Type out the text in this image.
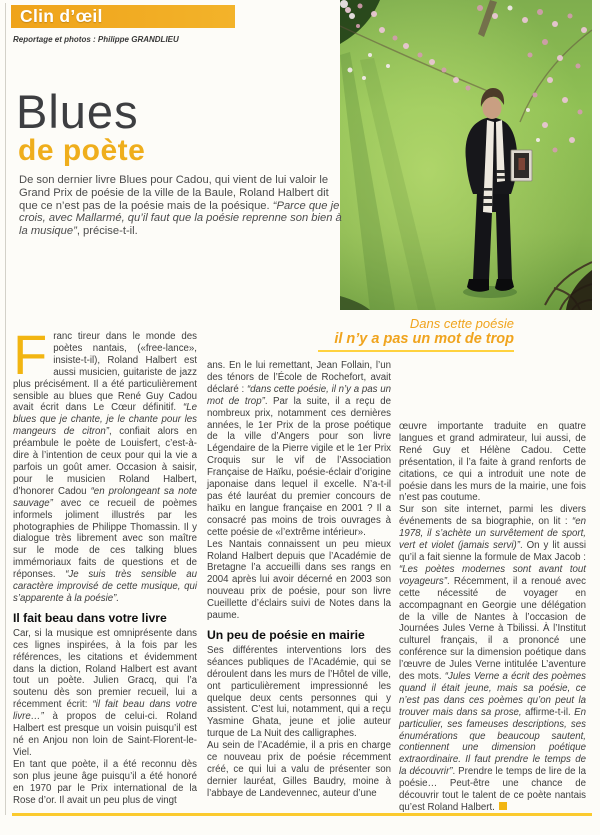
Clin d’œil
Reportage et photos : Philippe GRANDLIEU
Blues
de poète
De son dernier livre Blues pour Cadou, qui vient de lui valoir le Grand Prix de poésie de la ville de la Baule, Roland Halbert dit que ce n’est pas de la poésie mais de la poésique. “Parce que je crois, avec Mallarmé, qu’il faut que la poésie reprenne son bien à la musique”, précise-t-il.
Dans cette poésie
il n’y a pas un mot de trop
Franc tireur dans le monde des poètes nantais, («free-lance», insiste-t-il), Roland Halbert est aussi musicien, guitariste de jazz plus précisément. Il a été particulièrement sensible au blues que René Guy Cadou avait écrit dans Le Cœur définitif. “Le blues que je chante, je le chante pour les mangeurs de citron”, confiait alors en préambule le poète de Louisfert, c’est-à-dire à l’intention de ceux pour qui la vie a parfois un goût amer. Occasion à saisir, pour le musicien Roland Halbert, d’honorer Cadou “en prolongeant sa note sauvage” avec ce recueil de poèmes informels joliment illustrés par les photographies de Philippe Thomassin. Il y dialogue très librement avec son maître sur le mode de ces talking blues immémoriaux faits de questions et de réponses. “Je suis très sensible au caractère improvisé de cette musique, qui s’apparente à la poésie”.
Il fait beau dans votre livre
Car, si la musique est omniprésente dans ces lignes inspirées, à la fois par les références, les citations et évidemment dans la diction, Roland Halbert est avant tout un poète. Julien Gracq, qui l’a soutenu dès son premier recueil, lui a récemment écrit: “il fait beau dans votre livre…” à propos de celui-ci. Roland Halbert est presque un voisin puisqu’il est né en Anjou non loin de Saint-Florent-le-Viel.
En tant que poète, il a été reconnu dès son plus jeune âge puisqu’il a été honoré en 1970 par le Prix international de la Rose d’or. Il avait un peu plus de vingt
ans. En le lui remettant, Jean Follain, l’un des ténors de l’École de Rochefort, avait déclaré : “dans cette poésie, il n’y a pas un mot de trop”. Par la suite, il a reçu de nombreux prix, notamment ces dernières années, le 1er Prix de la prose poétique de la ville d’Angers pour son livre Légendaire de la Pierre vigile et le 1er Prix Croquis sur le vif de l’Association Française de Haïku, poésie-éclair d’origine japonaise dans lequel il excelle. N’a-t-il pas été lauréat du premier concours de haïku en langue française en 2001 ? Il a consacré pas moins de trois ouvrages à cette poésie de «l’extrême intérieur».
Les Nantais connaissent un peu mieux Roland Halbert depuis que l’Académie de Bretagne l’a accueilli dans ses rangs en 2004 après lui avoir décerné en 2003 son nouveau prix de poésie, pour son livre Cueillette d’éclairs suivi de Notes dans la paume.
Un peu de poésie en mairie
Ses différentes interventions lors des séances publiques de l’Académie, qui se déroulent dans les murs de l’Hôtel de ville, ont particulièrement impressionné les quelque deux cents personnes qui y assistent. C’est lui, notamment, qui a reçu Yasmine Ghata, jeune et jolie auteur turque de La Nuit des calligraphes.
Au sein de l’Académie, il a pris en charge ce nouveau prix de poésie récemment créé, ce qui lui a valu de présenter son dernier lauréat, Gilles Baudry, moine à l’abbaye de Landevennec, auteur d’une
œuvre importante traduite en quatre langues et grand admirateur, lui aussi, de René Guy et Hélène Cadou. Cette présentation, il l’a faite à grand renforts de citations, ce qui a introduit une note de poésie dans les murs de la mairie, une fois n’est pas coutume.
Sur son site internet, parmi les divers événements de sa biographie, on lit : “en 1978, il s’achète un survêtement de sport, vert et violet (jamais servi)”. On y lit aussi qu’il a fait sienne la formule de Max Jacob : “Les poètes modernes sont avant tout voyageurs”. Récemment, il a renoué avec cette nécessité de voyager en accompagnant en Georgie une délégation de la ville de Nantes à l’occasion de Journées Jules Verne à Tbilissi. À l’Institut culturel français, il a prononcé une conférence sur la dimension poétique dans l’œuvre de Jules Verne intitulée L’aventure des mots. “Jules Verne a écrit des poèmes quand il était jeune, mais sa poésie, ce n’est pas dans ces poèmes qu’on peut la trouver mais dans sa prose, affirme-t-il. En particulier, ses fameuses descriptions, ses énumérations que beaucoup sautent, contiennent une dimension poétique extraordinaire. Il faut prendre le temps de la découvrir”. Prendre le temps de lire de la poésie… Peut-être une chance de découvrir tout le talent de ce poète nantais qu’est Roland Halbert.
